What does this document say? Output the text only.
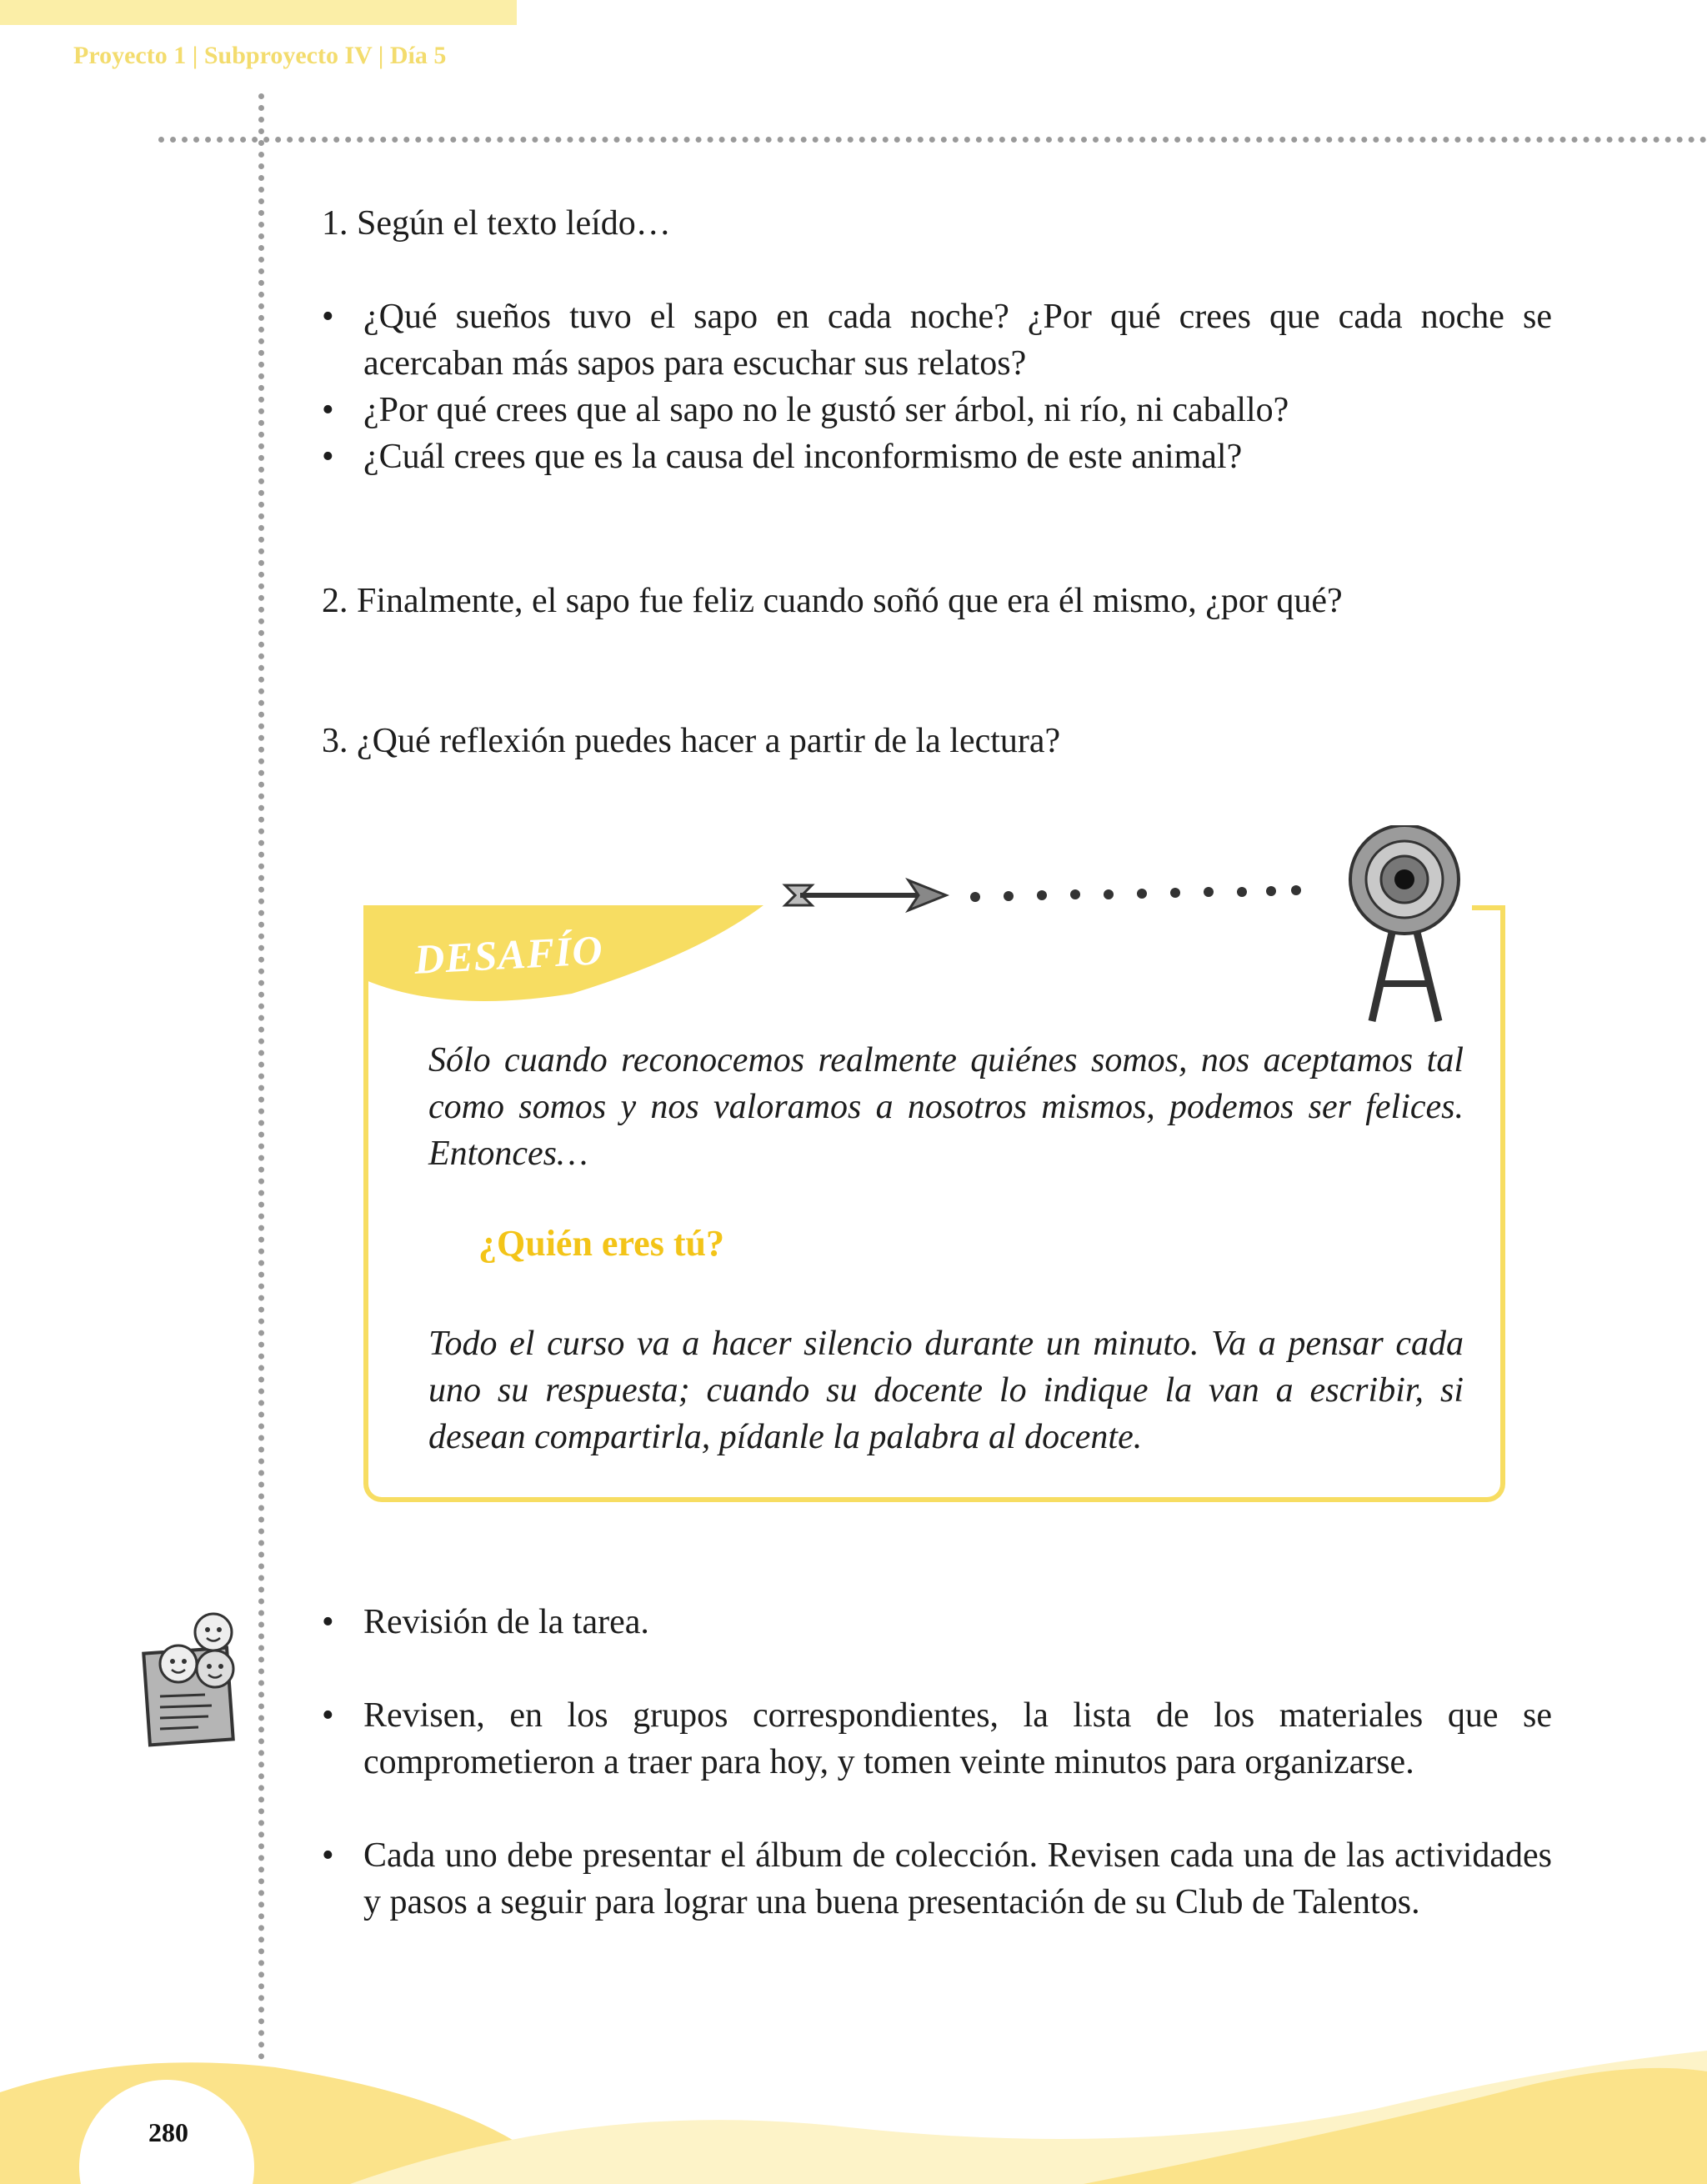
Proyecto 1 | Subproyecto IV | Día 5
1. Según el texto leído…
• ¿Qué sueños tuvo el sapo en cada noche? ¿Por qué crees que cada noche se acercaban más sapos para escuchar sus relatos?
• ¿Por qué crees que al sapo no le gustó ser árbol, ni río, ni caballo?
• ¿Cuál crees que es la causa del inconformismo de este animal?
2. Finalmente, el sapo fue feliz cuando soñó que era él mismo, ¿por qué?
3. ¿Qué reflexión puedes hacer a partir de la lectura?
DESAFÍO
Sólo cuando reconocemos realmente quiénes somos, nos aceptamos tal como somos y nos valoramos a nosotros mismos, podemos ser felices. Entonces…
¿Quién eres tú?
Todo el curso va a hacer silencio durante un minuto. Va a pensar cada uno su respuesta; cuando su docente lo indique la van a escribir, si desean compartirla, pídanle la palabra al docente.
• Revisión de la tarea.
• Revisen, en los grupos correspondientes, la lista de los materiales que se comprometieron a traer para hoy, y tomen veinte minutos para organizarse.
• Cada uno debe presentar el álbum de colección. Revisen cada una de las actividades y pasos a seguir para lograr una buena presentación de su Club de Talentos.
280
